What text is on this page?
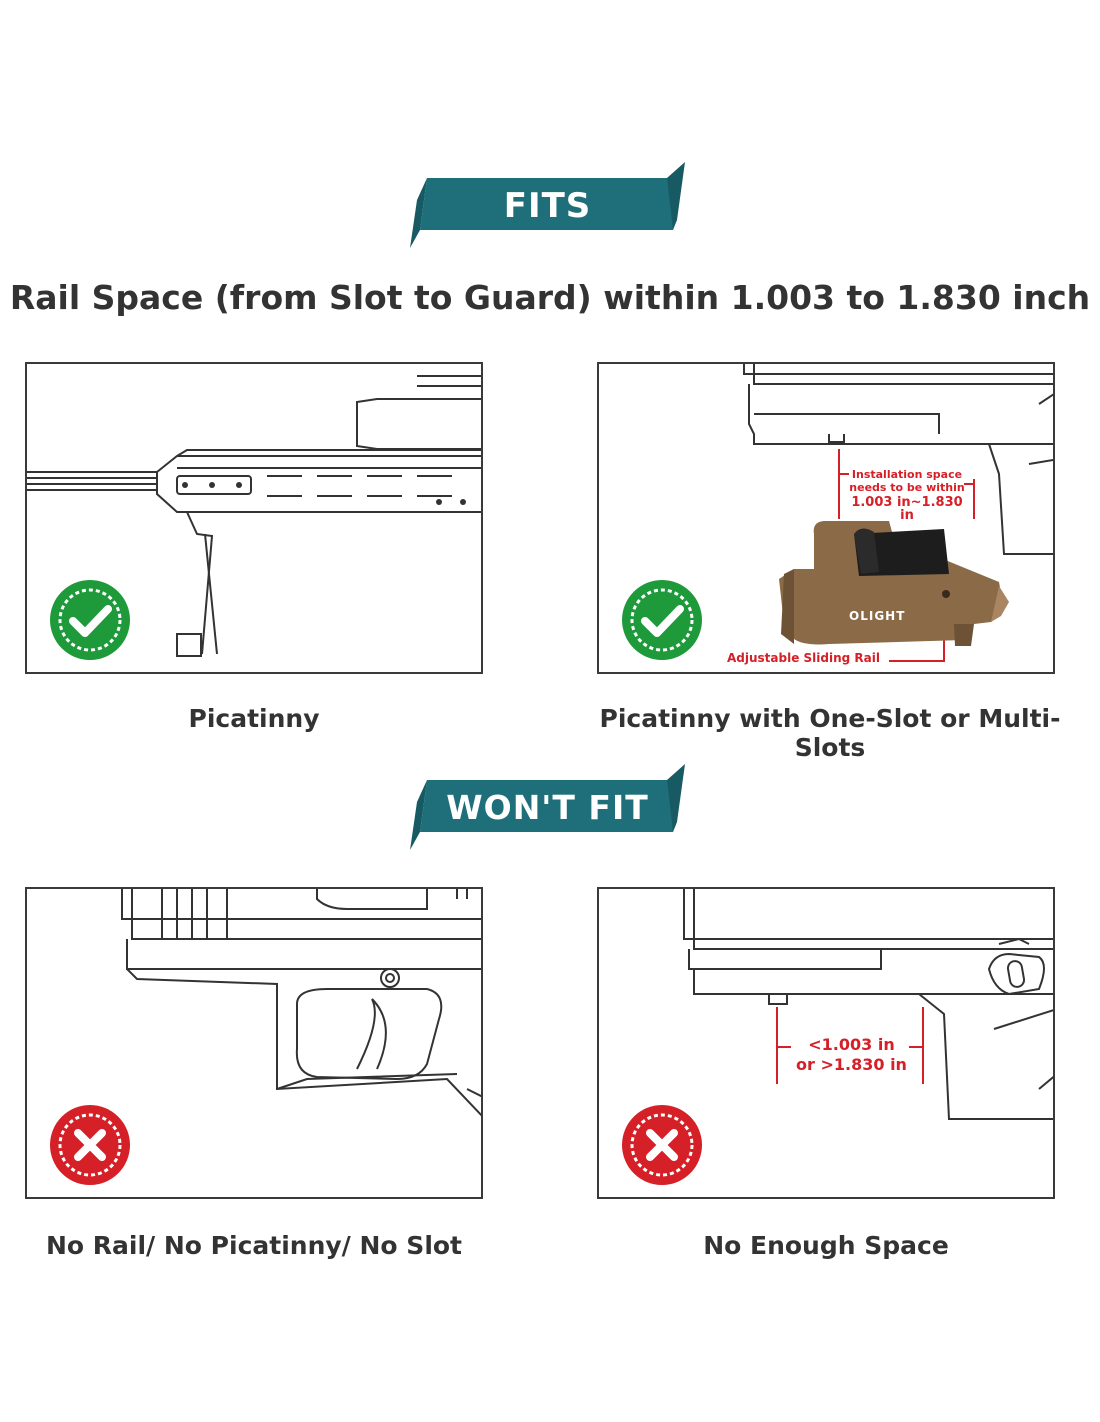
FITS
Rail Space (from Slot to Guard) within 1.003 to 1.830 inch
Picatinny
Installation space
needs to be within
1.003 in~1.830 in
OLIGHT
Adjustable Sliding Rail
Picatinny with One-Slot or Multi-Slots
WON'T FIT
No Rail/ No Picatinny/ No Slot
<1.003 in
or >1.830 in
No Enough Space
